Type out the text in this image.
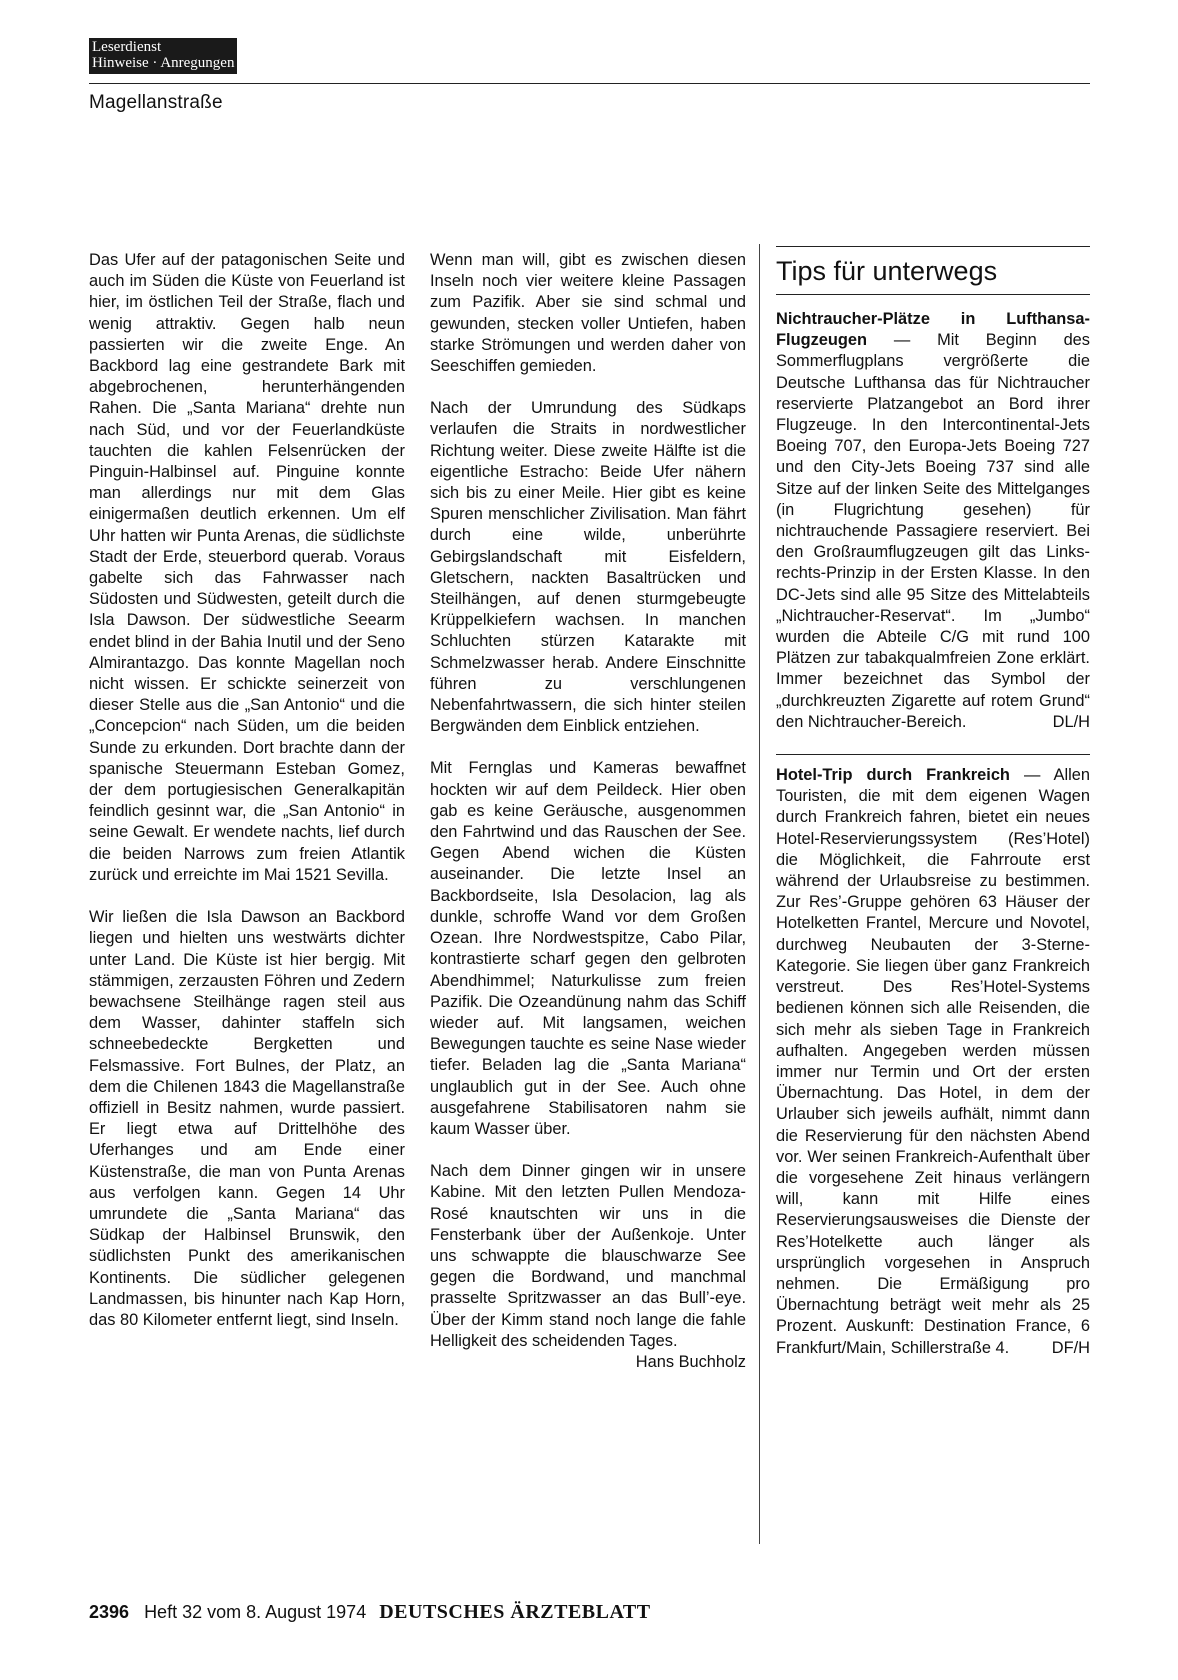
Leserdienst
Hinweise · Anregungen
Magellanstraße

Das Ufer auf der patagonischen Seite und auch im Süden die Küste von Feuerland ist hier, im östlichen Teil der Straße, flach und wenig attraktiv. Gegen halb neun passierten wir die zweite Enge. An Backbord lag eine gestrandete Bark mit abgebrochenen, herunterhängenden Rahen. Die „Santa Mariana“ drehte nun nach Süd, und vor der Feuerlandküste tauchten die kahlen Felsenrücken der Pinguin-Halbinsel auf. Pinguine konnte man allerdings nur mit dem Glas einigermaßen deutlich erkennen. Um elf Uhr hatten wir Punta Arenas, die südlichste Stadt der Erde, steuerbord querab. Voraus gabelte sich das Fahrwasser nach Südosten und Südwesten, geteilt durch die Isla Dawson. Der südwestliche Seearm endet blind in der Bahia Inutil und der Seno Almirantazgo. Das konnte Magellan noch nicht wissen. Er schickte seinerzeit von dieser Stelle aus die „San Antonio“ und die „Concepcion“ nach Süden, um die beiden Sunde zu erkunden. Dort brachte dann der spanische Steuermann Esteban Gomez, der dem portugiesischen Generalkapitän feindlich gesinnt war, die „San Antonio“ in seine Gewalt. Er wendete nachts, lief durch die beiden Narrows zum freien Atlantik zurück und erreichte im Mai 1521 Sevilla.

Wir ließen die Isla Dawson an Backbord liegen und hielten uns westwärts dichter unter Land. Die Küste ist hier bergig. Mit stämmigen, zerzausten Föhren und Zedern bewachsene Steilhänge ragen steil aus dem Wasser, dahinter staffeln sich schneebedeckte Bergketten und Felsmassive. Fort Bulnes, der Platz, an dem die Chilenen 1843 die Magellanstraße offiziell in Besitz nahmen, wurde passiert. Er liegt etwa auf Drittelhöhe des Uferhanges und am Ende einer Küstenstraße, die man von Punta Arenas aus verfolgen kann. Gegen 14 Uhr umrundete die „Santa Mariana“ das Südkap der Halbinsel Brunswik, den südlichsten Punkt des amerikanischen Kontinents. Die südlicher gelegenen Landmassen, bis hinunter nach Kap Horn, das 80 Kilometer entfernt liegt, sind Inseln.

Wenn man will, gibt es zwischen diesen Inseln noch vier weitere kleine Passagen zum Pazifik. Aber sie sind schmal und gewunden, stecken voller Untiefen, haben starke Strömungen und werden daher von Seeschiffen gemieden.

Nach der Umrundung des Südkaps verlaufen die Straits in nordwestlicher Richtung weiter. Diese zweite Hälfte ist die eigentliche Estracho: Beide Ufer nähern sich bis zu einer Meile. Hier gibt es keine Spuren menschlicher Zivilisation. Man fährt durch eine wilde, unberührte Gebirgslandschaft mit Eisfeldern, Gletschern, nackten Basaltrücken und Steilhängen, auf denen sturmgebeugte Krüppelkiefern wachsen. In manchen Schluchten stürzen Katarakte mit Schmelzwasser herab. Andere Einschnitte führen zu verschlungenen Nebenfahrtwassern, die sich hinter steilen Bergwänden dem Einblick entziehen.

Mit Fernglas und Kameras bewaffnet hockten wir auf dem Peildeck. Hier oben gab es keine Geräusche, ausgenommen den Fahrtwind und das Rauschen der See. Gegen Abend wichen die Küsten auseinander. Die letzte Insel an Backbordseite, Isla Desolacion, lag als dunkle, schroffe Wand vor dem Großen Ozean. Ihre Nordwestspitze, Cabo Pilar, kontrastierte scharf gegen den gelbroten Abendhimmel; Naturkulisse zum freien Pazifik. Die Ozeandünung nahm das Schiff wieder auf. Mit langsamen, weichen Bewegungen tauchte es seine Nase wieder tiefer. Beladen lag die „Santa Mariana“ unglaublich gut in der See. Auch ohne ausgefahrene Stabilisatoren nahm sie kaum Wasser über.

Nach dem Dinner gingen wir in unsere Kabine. Mit den letzten Pullen Mendoza-Rosé knautschten wir uns in die Fensterbank über der Außenkoje. Unter uns schwappte die blauschwarze See gegen die Bordwand, und manchmal prasselte Spritzwasser an das Bull’-eye. Über der Kimm stand noch lange die fahle Helligkeit des scheidenden Tages.
Hans Buchholz

Tips für unterwegs

Nichtraucher-Plätze in Lufthansa-Flugzeugen — Mit Beginn des Sommerflugplans vergrößerte die Deutsche Lufthansa das für Nichtraucher reservierte Platzangebot an Bord ihrer Flugzeuge. In den Intercontinental-Jets Boeing 707, den Europa-Jets Boeing 727 und den City-Jets Boeing 737 sind alle Sitze auf der linken Seite des Mittelganges (in Flugrichtung gesehen) für nichtrauchende Passagiere reserviert. Bei den Großraumflugzeugen gilt das Links-rechts-Prinzip in der Ersten Klasse. In den DC-Jets sind alle 95 Sitze des Mittelabteils „Nichtraucher-Reservat“. Im „Jumbo“ wurden die Abteile C/G mit rund 100 Plätzen zur tabakqualmfreien Zone erklärt. Immer bezeichnet das Symbol der „durchkreuzten Zigarette auf rotem Grund“ den Nichtraucher-Bereich.	DL/H

Hotel-Trip durch Frankreich — Allen Touristen, die mit dem eigenen Wagen durch Frankreich fahren, bietet ein neues Hotel-Reservierungssystem (Res’Hotel) die Möglichkeit, die Fahrroute erst während der Urlaubsreise zu bestimmen. Zur Res’-Gruppe gehören 63 Häuser der Hotelketten Frantel, Mercure und Novotel, durchweg Neubauten der 3-Sterne-Kategorie. Sie liegen über ganz Frankreich verstreut. Des Res’Hotel-Systems bedienen können sich alle Reisenden, die sich mehr als sieben Tage in Frankreich aufhalten. Angegeben werden müssen immer nur Termin und Ort der ersten Übernachtung. Das Hotel, in dem der Urlauber sich jeweils aufhält, nimmt dann die Reservierung für den nächsten Abend vor. Wer seinen Frankreich-Aufenthalt über die vorgesehene Zeit hinaus verlängern will, kann mit Hilfe eines Reservierungsausweises die Dienste der Res’Hotelkette auch länger als ursprünglich vorgesehen in Anspruch nehmen. Die Ermäßigung pro Übernachtung beträgt weit mehr als 25 Prozent. Auskunft: Destination France, 6 Frankfurt/Main, Schillerstraße 4.	DF/H

2396 Heft 32 vom 8. August 1974 DEUTSCHES ÄRZTEBLATT
